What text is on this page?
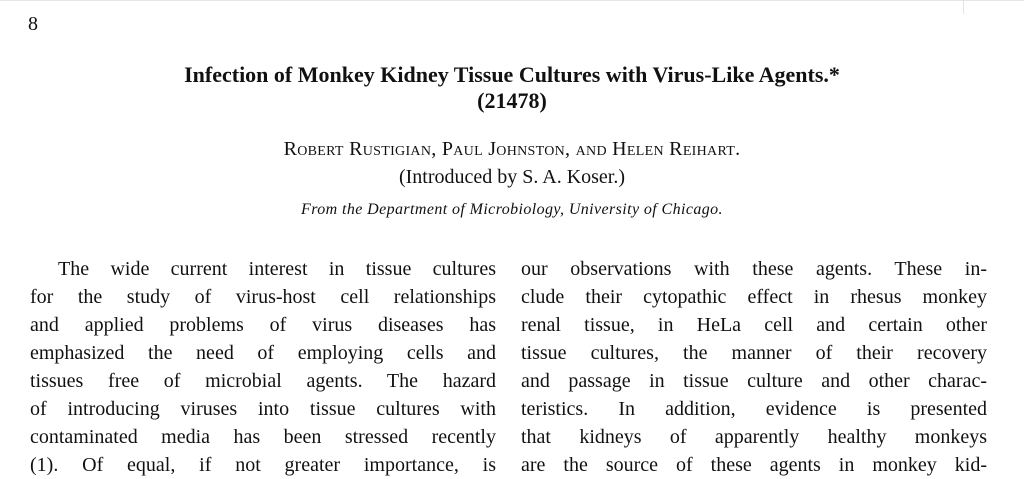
8
Infection of Monkey Kidney Tissue Cultures with Virus-Like Agents.*
(21478)
Robert Rustigian, Paul Johnston, and Helen Reihart.
(Introduced by S. A. Koser.)
From the Department of Microbiology, University of Chicago.
The wide current interest in tissue cultures
for the study of virus-host cell relationships
and applied problems of virus diseases has
emphasized the need of employing cells and
tissues free of microbial agents. The hazard
of introducing viruses into tissue cultures with
contaminated media has been stressed recently
(1). Of equal, if not greater importance, is
our observations with these agents. These in-
clude their cytopathic effect in rhesus monkey
renal tissue, in HeLa cell and certain other
tissue cultures, the manner of their recovery
and passage in tissue culture and other charac-
teristics. In addition, evidence is presented
that kidneys of apparently healthy monkeys
are the source of these agents in monkey kid-
